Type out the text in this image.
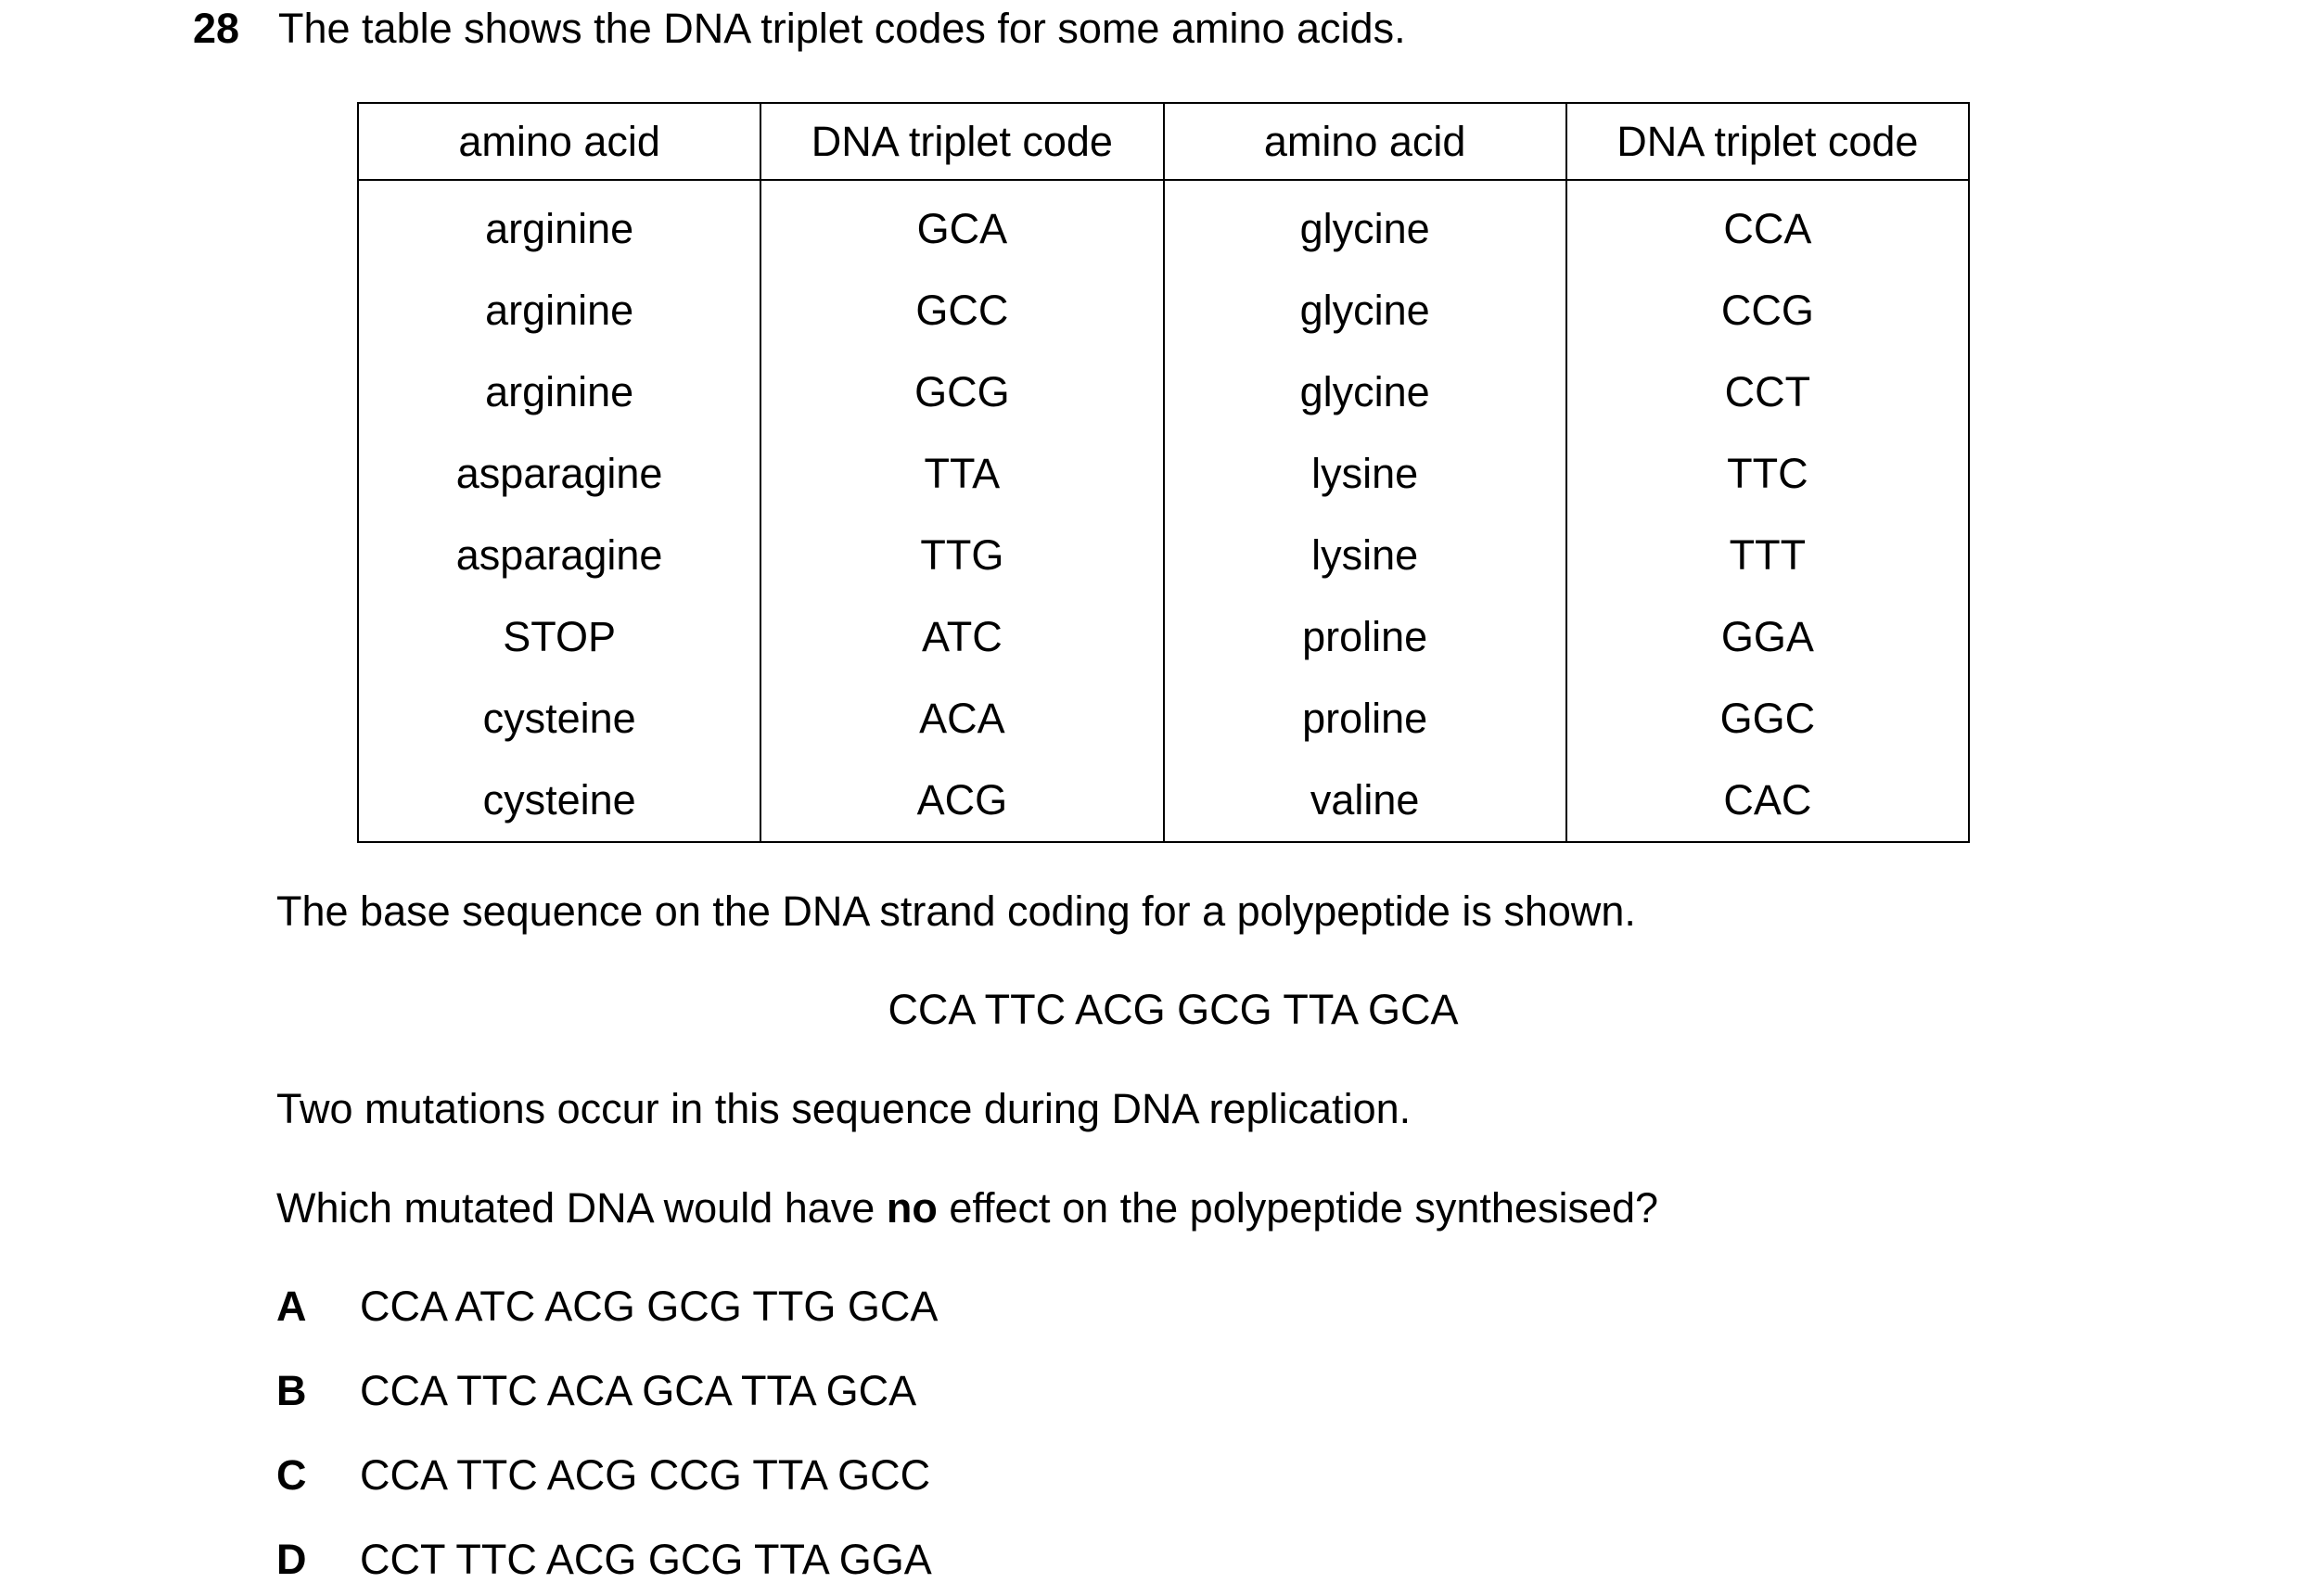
28 The table shows the DNA triplet codes for some amino acids.
amino acid	DNA triplet code	amino acid	DNA triplet code
arginine	GCA	glycine	CCA
arginine	GCC	glycine	CCG
arginine	GCG	glycine	CCT
asparagine	TTA	lysine	TTC
asparagine	TTG	lysine	TTT
STOP	ATC	proline	GGA
cysteine	ACA	proline	GGC
cysteine	ACG	valine	CAC
The base sequence on the DNA strand coding for a polypeptide is shown.
CCA TTC ACG GCG TTA GCA
Two mutations occur in this sequence during DNA replication.
Which mutated DNA would have no effect on the polypeptide synthesised?
A	CCA ATC ACG GCG TTG GCA
B	CCA TTC ACA GCA TTA GCA
C	CCA TTC ACG CCG TTA GCC
D	CCT TTC ACG GCG TTA GGA
